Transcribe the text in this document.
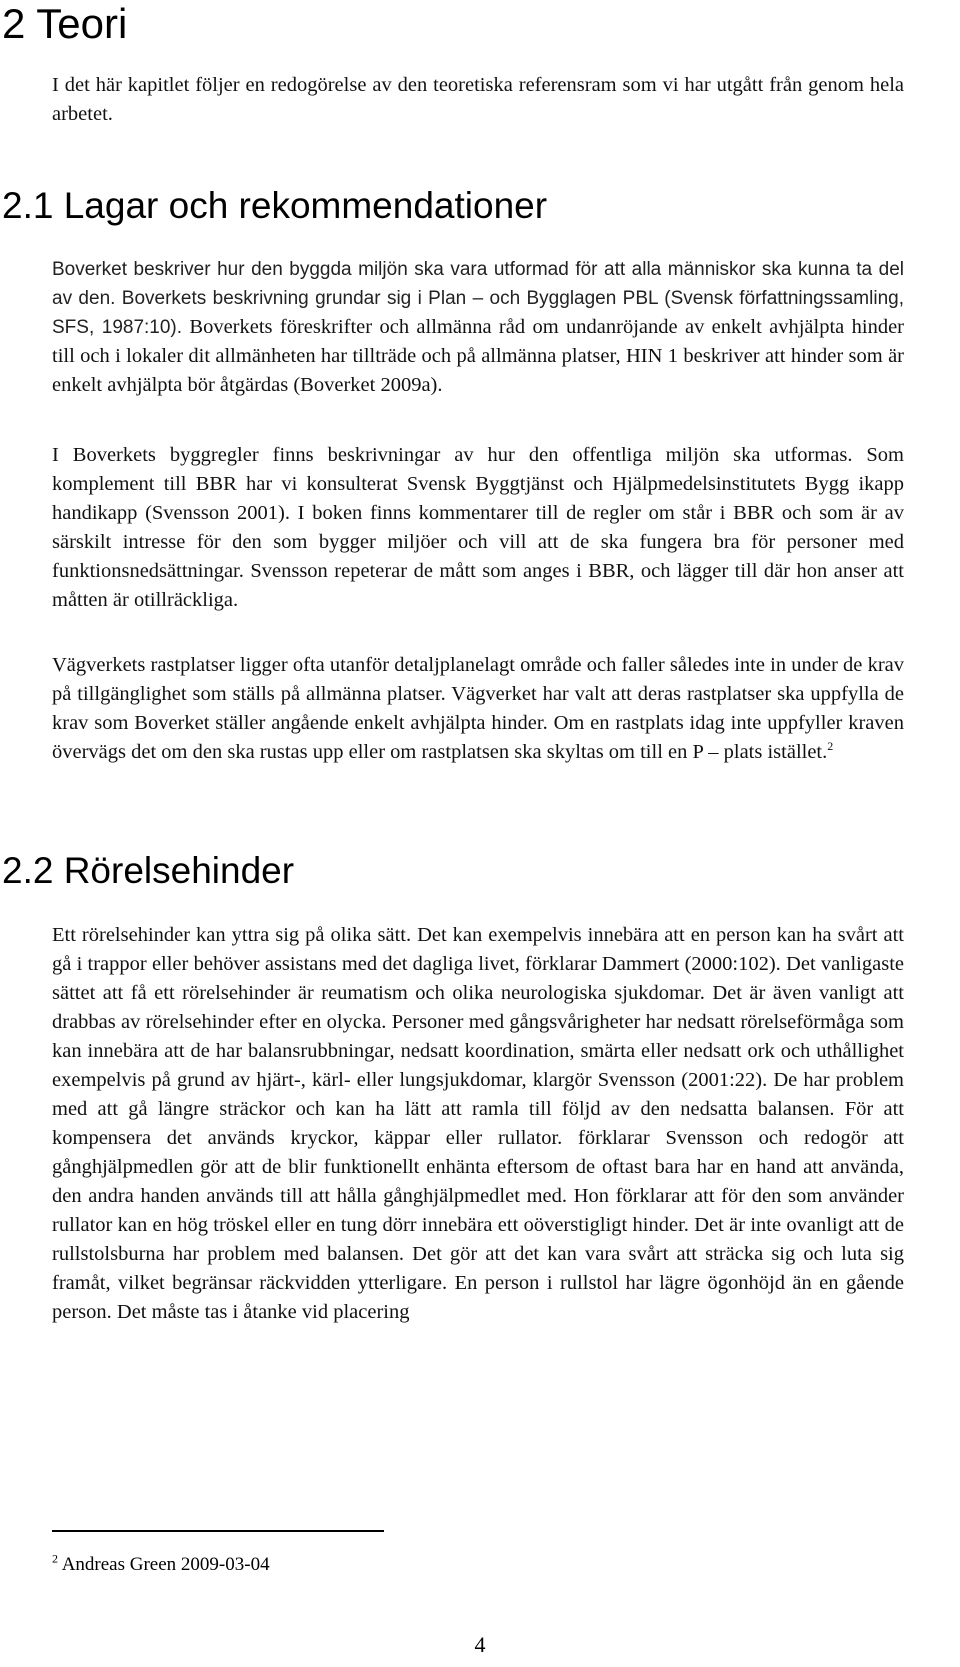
2 Teori

I det här kapitlet följer en redogörelse av den teoretiska referensram som vi har utgått från genom hela arbetet.

2.1 Lagar och rekommendationer

Boverket beskriver hur den byggda miljön ska vara utformad för att alla människor ska kunna ta del av den. Boverkets beskrivning grundar sig i Plan – och Bygglagen PBL (Svensk författningssamling, SFS, 1987:10). Boverkets föreskrifter och allmänna råd om undanröjande av enkelt avhjälpta hinder till och i lokaler dit allmänheten har tillträde och på allmänna platser, HIN 1 beskriver att hinder som är enkelt avhjälpta bör åtgärdas (Boverket 2009a).

I Boverkets byggregler finns beskrivningar av hur den offentliga miljön ska utformas. Som komplement till BBR har vi konsulterat Svensk Byggtjänst och Hjälpmedelsinstitutets Bygg ikapp handikapp (Svensson 2001). I boken finns kommentarer till de regler om står i BBR och som är av särskilt intresse för den som bygger miljöer och vill att de ska fungera bra för personer med funktionsnedsättningar. Svensson repeterar de mått som anges i BBR, och lägger till där hon anser att måtten är otillräckliga.

Vägverkets rastplatser ligger ofta utanför detaljplanelagt område och faller således inte in under de krav på tillgänglighet som ställs på allmänna platser. Vägverket har valt att deras rastplatser ska uppfylla de krav som Boverket ställer angående enkelt avhjälpta hinder. Om en rastplats idag inte uppfyller kraven övervägs det om den ska rustas upp eller om rastplatsen ska skyltas om till en P – plats istället.$^2$

2.2 Rörelsehinder

Ett rörelsehinder kan yttra sig på olika sätt. Det kan exempelvis innebära att en person kan ha svårt att gå i trappor eller behöver assistans med det dagliga livet, förklarar Dammert (2000:102). Det vanligaste sättet att få ett rörelsehinder är reumatism och olika neurologiska sjukdomar. Det är även vanligt att drabbas av rörelsehinder efter en olycka. Personer med gångsvårigheter har nedsatt rörelseförmåga som kan innebära att de har balansrubbningar, nedsatt koordination, smärta eller nedsatt ork och uthållighet exempelvis på grund av hjärt-, kärl- eller lungsjukdomar, klargör Svensson (2001:22). De har problem med att gå längre sträckor och kan ha lätt att ramla till följd av den nedsatta balansen. För att kompensera det används kryckor, käppar eller rullator. förklarar Svensson och redogör att gånghjälpmedlen gör att de blir funktionellt enhänta eftersom de oftast bara har en hand att använda, den andra handen används till att hålla gånghjälpmedlet med. Hon förklarar att för den som använder rullator kan en hög tröskel eller en tung dörr innebära ett oöverstigligt hinder. Det är inte ovanligt att de rullstolsburna har problem med balansen. Det gör att det kan vara svårt att sträcka sig och luta sig framåt, vilket begränsar räckvidden ytterligare. En person i rullstol har lägre ögonhöjd än en gående person. Det måste tas i åtanke vid placering

$^2$ Andreas Green 2009-03-04
4
